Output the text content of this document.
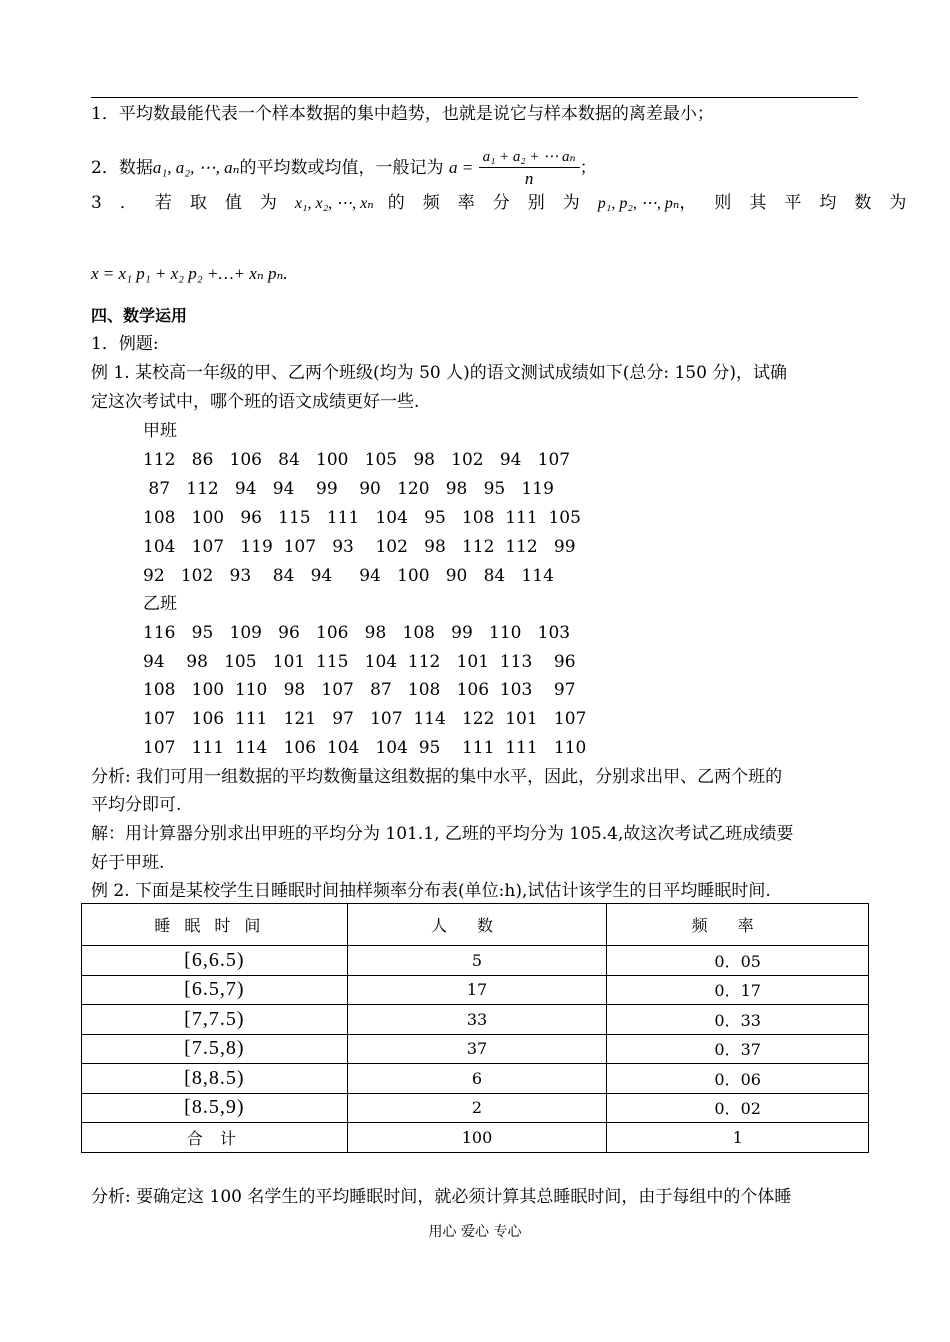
1．平均数最能代表一个样本数据的集中趋势，也就是说它与样本数据的离差最小；
2．数据a₁, a₂, ⋯, aₙ的平均数或均值，一般记为 $a = \frac{\text{a₁ + a₂ + ⋯ aₙ}}{n}$ ；
3．若取值为x₁, x₂, ⋯, xₙ 的频率分别为p₁, p₂, ⋯, pₙ，则其平均数为
x = x₁ p₁ + x₂ p₂ +…+ xₙ pₙ.
四、数学运用
1．例题:
例 1. 某校高一年级的甲、乙两个班级(均为 50 人)的语文测试成绩如下(总分: 150 分)，试确
定这次考试中，哪个班的语文成绩更好一些.
甲班
112   86   106   84   100   105   98   102   94   107
87   112   94   94    99    90   120   98   95   119
108   100   96   115   111   104   95   108  111  105
104   107   119  107   93    102   98   112  112   99
92   102   93    84   94     94   100   90   84   114
乙班
116   95   109   96   106   98   108   99   110   103
94    98   105   101  115   104  112   101  113    96
108   100  110   98   107   87   108   106  103    97
107   106  111   121   97   107  114   122  101   107
107   111  114   106  104   104  95    111  111   110
分析: 我们可用一组数据的平均数衡量这组数据的集中水平，因此，分别求出甲、乙两个班的
平均分即可.
解：用计算器分别求出甲班的平均分为 101.1, 乙班的平均分为 105.4,故这次考试乙班成绩要
好于甲班.
例 2. 下面是某校学生日睡眠时间抽样频率分布表(单位:h),试估计该学生的日平均睡眠时间.
睡眠时间	人数	频率
[6,6.5)	5	0．05
[6.5,7)	17	0．17
[7,7.5)	33	0．33
[7.5,8)	37	0．37
[8,8.5)	6	0．06
[8.5,9)	2	0．02
合 计	100	1
分析: 要确定这 100 名学生的平均睡眠时间，就必须计算其总睡眠时间，由于每组中的个体睡
用心 爱心 专心
